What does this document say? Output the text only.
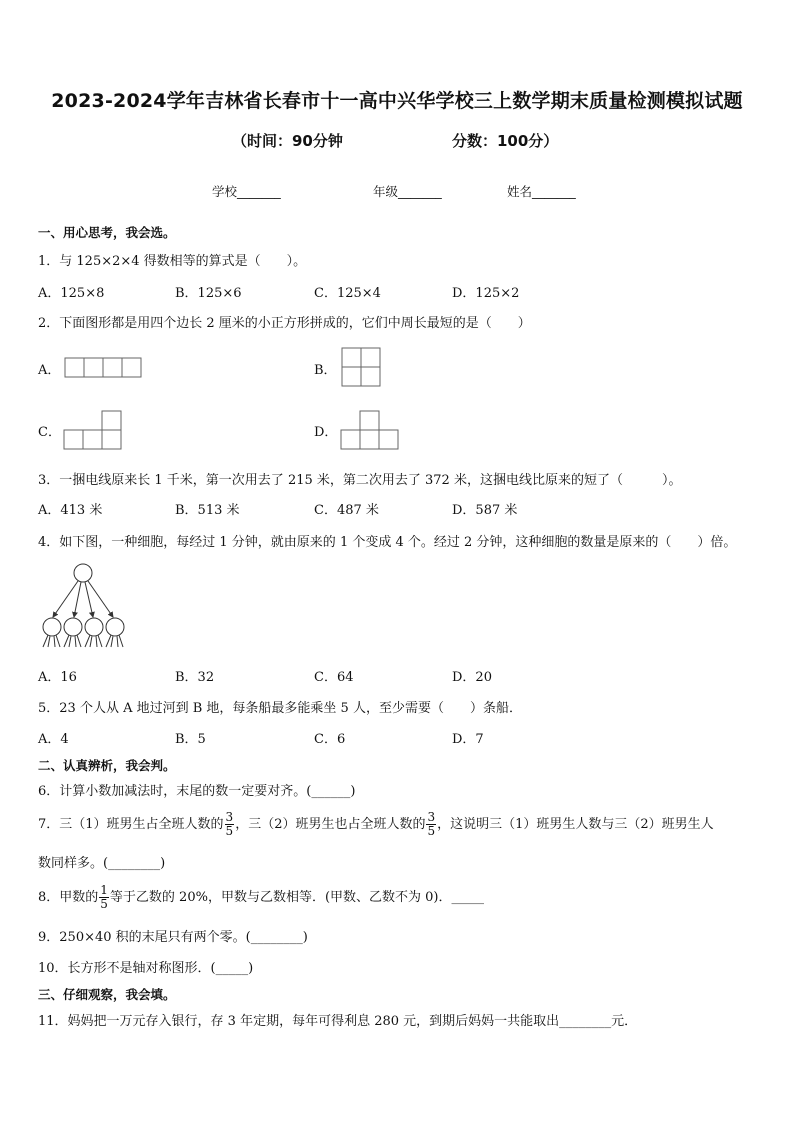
2023-2024学年吉林省长春市十一高中兴华学校三上数学期末质量检测模拟试题
（时间：90分钟	分数：100分）
学校_______	年级_______	姓名_______
一、用心思考，我会选。
1．与 125×2×4 得数相等的算式是（　　）。
A．125×8	B．125×6	C．125×4	D．125×2
2．下面图形都是用四个边长 2 厘米的小正方形拼成的，它们中周长最短的是（　　）
A．	B．
C．	D．
3．一捆电线原来长 1 千米，第一次用去了 215 米，第二次用去了 372 米，这捆电线比原来的短了（　　　）。
A．413 米	B．513 米	C．487 米	D．587 米
4．如下图，一种细胞，每经过 1 分钟，就由原来的 1 个变成 4 个。经过 2 分钟，这种细胞的数量是原来的（　　）倍。
A．16	B．32	C．64	D．20
5．23 个人从 A 地过河到 B 地，每条船最多能乘坐 5 人，至少需要（　　）条船．
A．4	B．5	C．6	D．7
二、认真辨析，我会判。
6．计算小数加减法时，末尾的数一定要对齐。(______)
7．三（1）班男生占全班人数的 $\frac{3}{5}$ ，三（2）班男生也占全班人数的 $\frac{3}{5}$ ，这说明三（1）班男生人数与三（2）班男生人
数同样多。(________)
8．甲数的 $\frac{1}{5}$ 等于乙数的 20%，甲数与乙数相等．(甲数、乙数不为 0)．_____
9．250×40 积的末尾只有两个零。(________)
10．长方形不是轴对称图形．(_____)
三、仔细观察，我会填。
11．妈妈把一万元存入银行，存 3 年定期，每年可得利息 280 元，到期后妈妈一共能取出________元．
